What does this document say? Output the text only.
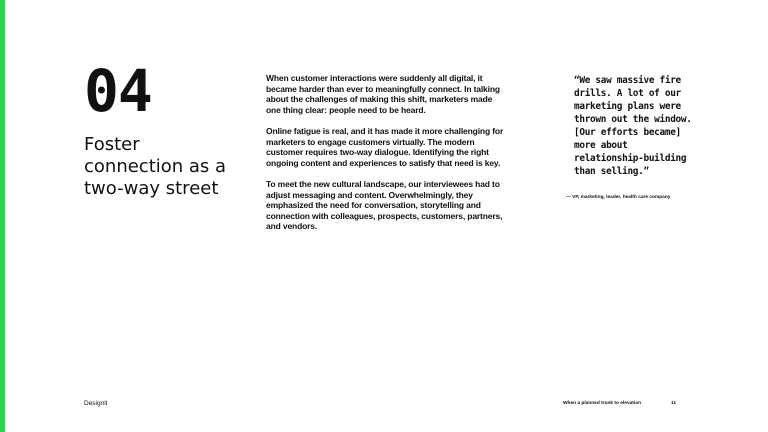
04
Foster connection as a two-way street

When customer interactions were suddenly all digital, it became harder than ever to meaningfully connect. In talking about the challenges of making this shift, marketers made one thing clear: people need to be heard.

Online fatigue is real, and it has made it more challenging for marketers to engage customers virtually. The modern customer requires two-way dialogue. Identifying the right ongoing content and experiences to satisfy that need is key.

To meet the new cultural landscape, our interviewees had to adjust messaging and content. Overwhelmingly, they emphasized the need for conversation, storytelling and connection with colleagues, prospects, customers, partners, and vendors.

“We saw massive fire drills. A lot of our marketing plans were thrown out the window. [Our efforts became] more about relationship-building than selling.”
— VP, marketing, leader, health care company
Designit	When a planned trunk to elevation	11
